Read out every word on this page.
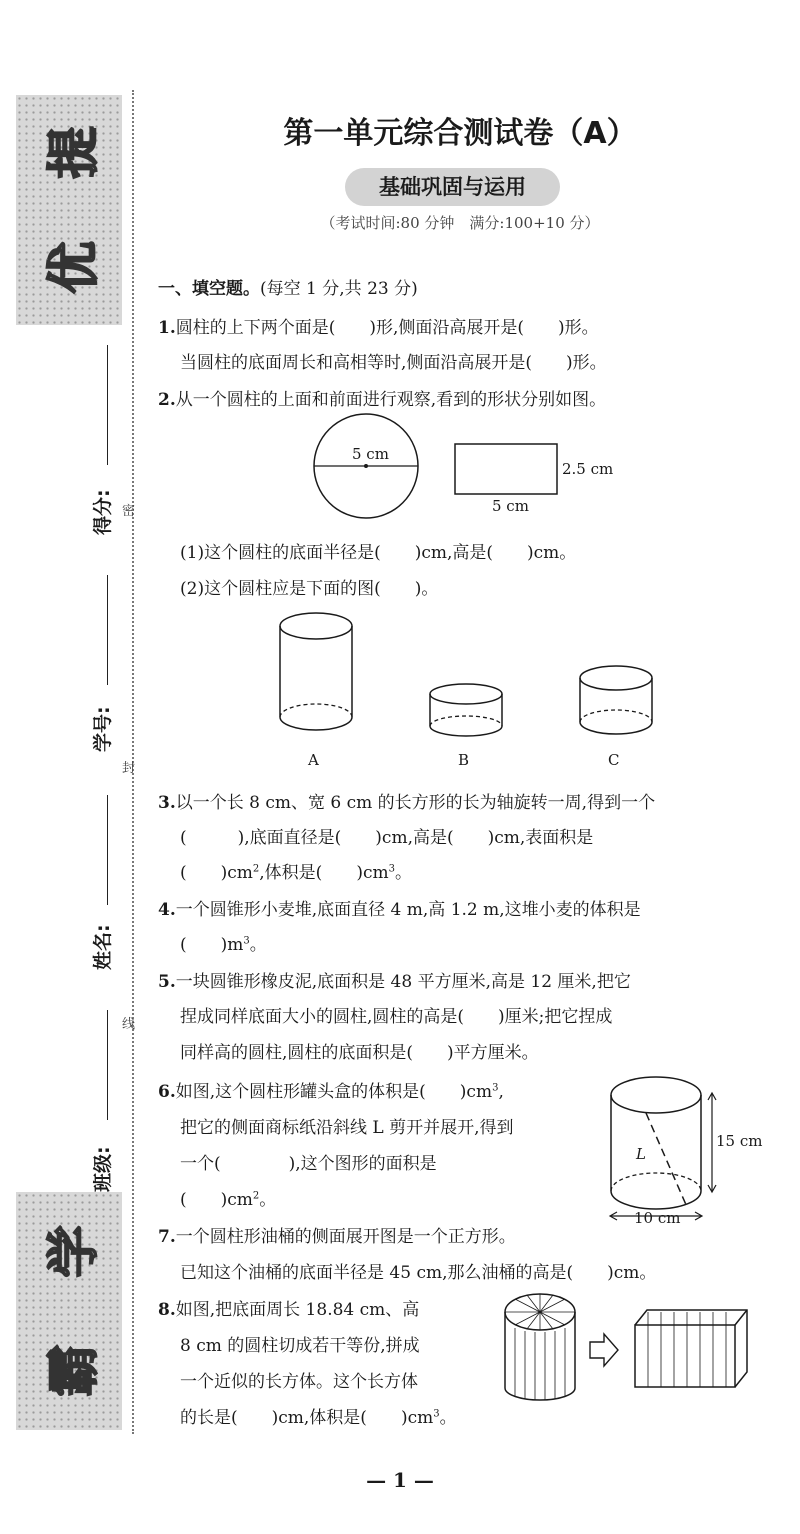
提
优
学
霸
得分:
学号:
姓名:
班级:
密
封
线
第一单元综合测试卷（A）
基础巩固与运用
（考试时间:80 分钟　满分:100+10 分）
一、填空题。(每空 1 分,共 23 分)
1.圆柱的上下两个面是(　　)形,侧面沿高展开是(　　)形。
当圆柱的底面周长和高相等时,侧面沿高展开是(　　)形。
2.从一个圆柱的上面和前面进行观察,看到的形状分别如图。
5 cm
2.5 cm
5 cm
A	B	C
15 cm
10 cm
L
(1)这个圆柱的底面半径是(　　)cm,高是(　　)cm。
(2)这个圆柱应是下面的图(　　)。
3.以一个长 8 cm、宽 6 cm 的长方形的长为轴旋转一周,得到一个
(　　　),底面直径是(　　)cm,高是(　　)cm,表面积是
(　　)$cm^2$,体积是(　　)$cm^3$。
4.一个圆锥形小麦堆,底面直径 4 m,高 1.2 m,这堆小麦的体积是
(　　)$m^3$。
5.一块圆锥形橡皮泥,底面积是 48 平方厘米,高是 12 厘米,把它
捏成同样底面大小的圆柱,圆柱的高是(　　)厘米;把它捏成
同样高的圆柱,圆柱的底面积是(　　)平方厘米。
6.如图,这个圆柱形罐头盒的体积是(　　)$cm^3$,
把它的侧面商标纸沿斜线 L 剪开并展开,得到
一个(　　　　),这个图形的面积是
(　　)$cm^2$。
7.一个圆柱形油桶的侧面展开图是一个正方形。
已知这个油桶的底面半径是 45 cm,那么油桶的高是(　　)cm。
8.如图,把底面周长 18.84 cm、高
8 cm 的圆柱切成若干等份,拼成
一个近似的长方体。这个长方体
的长是(　　)cm,体积是(　　)$cm^3$。
— 1 —
